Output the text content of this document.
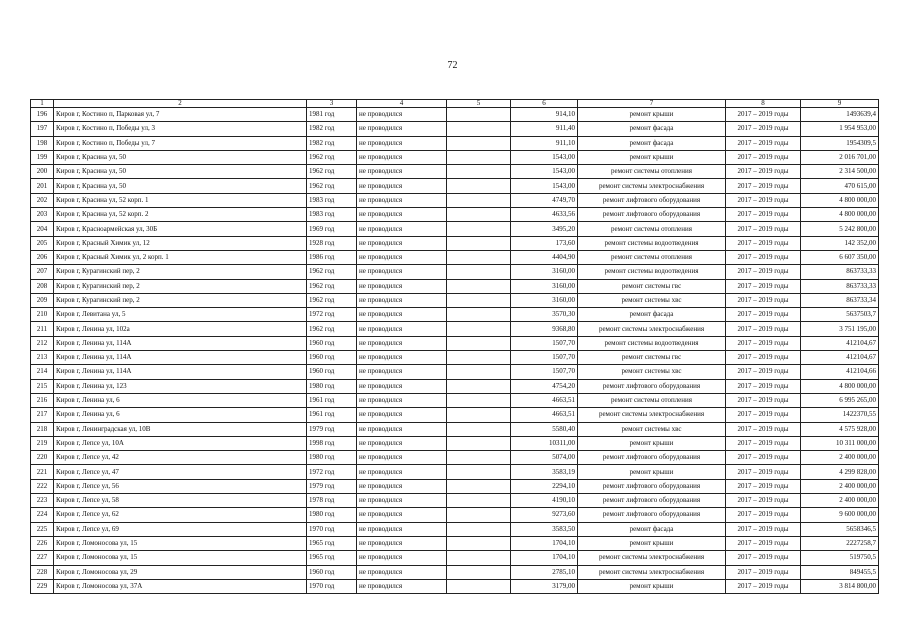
72
1	2	3	4	5	6	7	8	9
196	Киров г, Костино п, Парковая ул, 7	1981 год	не проводился		914,10	ремонт крыши	2017 – 2019 годы	1493639,4
197	Киров г, Костино п, Победы ул, 3	1982 год	не проводился		911,40	ремонт фасада	2017 – 2019 годы	1 954 953,00
198	Киров г, Костино п, Победы ул, 7	1982 год	не проводился		911,10	ремонт фасада	2017 – 2019 годы	1954309,5
199	Киров г, Красина ул, 50	1962 год	не проводился		1543,00	ремонт крыши	2017 – 2019 годы	2 016 701,00
200	Киров г, Красина ул, 50	1962 год	не проводился		1543,00	ремонт системы отопления	2017 – 2019 годы	2 314 500,00
201	Киров г, Красина ул, 50	1962 год	не проводился		1543,00	ремонт системы электроснабжения	2017 – 2019 годы	470 615,00
202	Киров г, Красина ул, 52 корп. 1	1983 год	не проводился		4749,70	ремонт лифтового оборудования	2017 – 2019 годы	4 800 000,00
203	Киров г, Красина ул, 52 корп. 2	1983 год	не проводился		4633,56	ремонт лифтового оборудования	2017 – 2019 годы	4 800 000,00
204	Киров г, Красноармейская ул, 30Б	1969 год	не проводился		3495,20	ремонт системы отопления	2017 – 2019 годы	5 242 800,00
205	Киров г, Красный Химик ул, 12	1928 год	не проводился		173,60	ремонт системы водоотведения	2017 – 2019 годы	142 352,00
206	Киров г, Красный Химик ул, 2 корп. 1	1986 год	не проводился		4404,90	ремонт системы отопления	2017 – 2019 годы	6 607 350,00
207	Киров г, Курагинский пер, 2	1962 год	не проводился		3160,00	ремонт системы водоотведения	2017 – 2019 годы	863733,33
208	Киров г, Курагинский пер, 2	1962 год	не проводился		3160,00	ремонт системы гвс	2017 – 2019 годы	863733,33
209	Киров г, Курагинский пер, 2	1962 год	не проводился		3160,00	ремонт системы хвс	2017 – 2019 годы	863733,34
210	Киров г, Левитана ул, 5	1972 год	не проводился		3570,30	ремонт фасада	2017 – 2019 годы	5637503,7
211	Киров г, Ленина ул, 102а	1962 год	не проводился		9368,80	ремонт системы электроснабжения	2017 – 2019 годы	3 751 195,00
212	Киров г, Ленина ул, 114А	1960 год	не проводился		1507,70	ремонт системы водоотведения	2017 – 2019 годы	412104,67
213	Киров г, Ленина ул, 114А	1960 год	не проводился		1507,70	ремонт системы гвс	2017 – 2019 годы	412104,67
214	Киров г, Ленина ул, 114А	1960 год	не проводился		1507,70	ремонт системы хвс	2017 – 2019 годы	412104,66
215	Киров г, Ленина ул, 123	1980 год	не проводился		4754,20	ремонт лифтового оборудования	2017 – 2019 годы	4 800 000,00
216	Киров г, Ленина ул, 6	1961 год	не проводился		4663,51	ремонт системы отопления	2017 – 2019 годы	6 995 265,00
217	Киров г, Ленина ул, 6	1961 год	не проводился		4663,51	ремонт системы электроснабжения	2017 – 2019 годы	1422370,55
218	Киров г, Ленинградская ул, 10В	1979 год	не проводился		5580,40	ремонт системы хвс	2017 – 2019 годы	4 575 928,00
219	Киров г, Лепсе ул, 10А	1998 год	не проводился		10311,00	ремонт крыши	2017 – 2019 годы	10 311 000,00
220	Киров г, Лепсе ул, 42	1980 год	не проводился		5074,00	ремонт лифтового оборудования	2017 – 2019 годы	2 400 000,00
221	Киров г, Лепсе ул, 47	1972 год	не проводился		3583,19	ремонт крыши	2017 – 2019 годы	4 299 828,00
222	Киров г, Лепсе ул, 56	1979 год	не проводился		2294,10	ремонт лифтового оборудования	2017 – 2019 годы	2 400 000,00
223	Киров г, Лепсе ул, 58	1978 год	не проводился		4190,10	ремонт лифтового оборудования	2017 – 2019 годы	2 400 000,00
224	Киров г, Лепсе ул, 62	1980 год	не проводился		9273,60	ремонт лифтового оборудования	2017 – 2019 годы	9 600 000,00
225	Киров г, Лепсе ул, 69	1970 год	не проводился		3583,50	ремонт фасада	2017 – 2019 годы	5658346,5
226	Киров г, Ломоносова ул, 15	1965 год	не проводился		1704,10	ремонт крыши	2017 – 2019 годы	2227258,7
227	Киров г, Ломоносова ул, 15	1965 год	не проводился		1704,10	ремонт системы электроснабжения	2017 – 2019 годы	519750,5
228	Киров г, Ломоносова ул, 29	1960 год	не проводился		2785,10	ремонт системы электроснабжения	2017 – 2019 годы	849455,5
229	Киров г, Ломоносова ул, 37А	1970 год	не проводился		3179,00	ремонт крыши	2017 – 2019 годы	3 814 800,00
